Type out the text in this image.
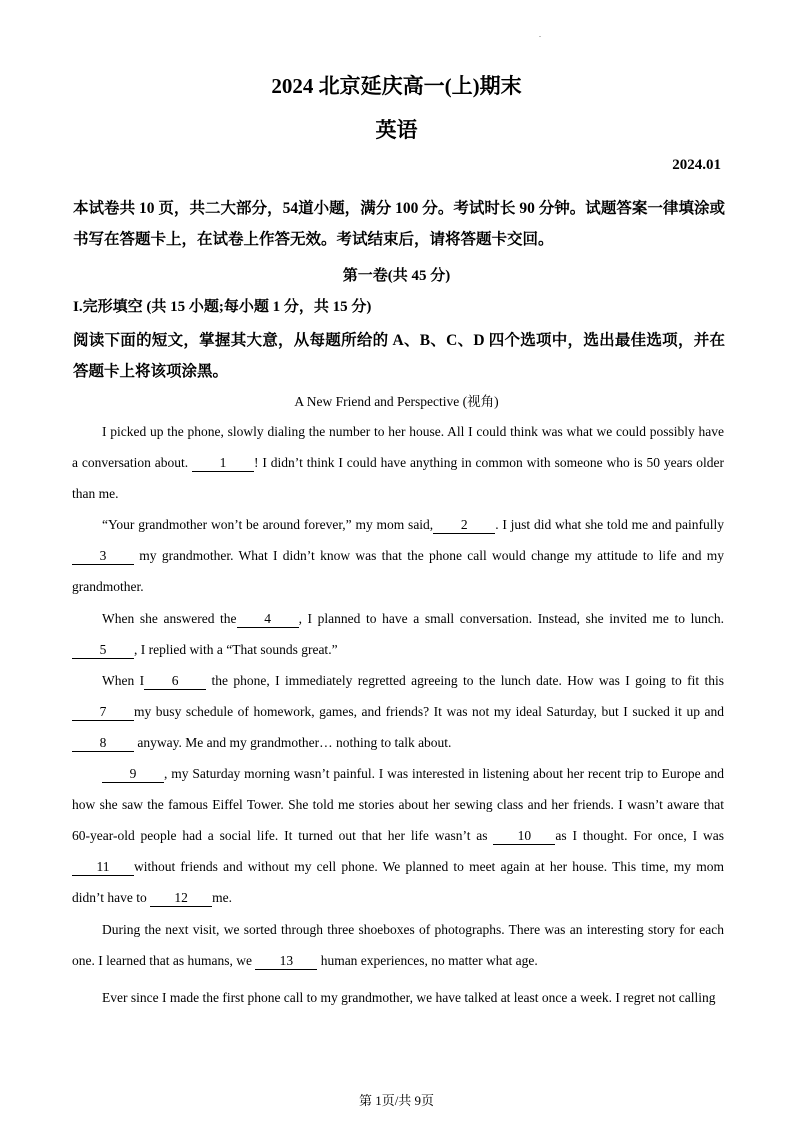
.
2024 北京延庆高一(上)期末
英语
2024.01
本试卷共 10 页，共二大部分，54道小题，满分 100 分。考试时长 90 分钟。试题答案一律填涂或书写在答题卡上，在试卷上作答无效。考试结束后，请将答题卡交回。
第一卷(共 45 分)
I.完形填空 (共 15 小题;每小题 1 分，共 15 分)
阅读下面的短文，掌握其大意，从每题所给的 A、B、C、D 四个选项中，选出最佳选项，并在答题卡上将该项涂黑。
A New Friend and Perspective (视角)

I picked up the phone, slowly dialing the number to her house. All I could think was what we could possibly have a conversation about. 1 ! I didn’t think I could have anything in common with someone who is 50 years older than me.

“Your grandmother won’t be around forever,” my mom said, 2 . I just did what she told me and painfully 3 my grandmother. What I didn’t know was that the phone call would change my attitude to life and my grandmother.

When she answered the 4 , I planned to have a small conversation. Instead, she invited me to lunch. 5 , I replied with a “That sounds great.”

When I 6 the phone, I immediately regretted agreeing to the lunch date. How was I going to fit this 7 my busy schedule of homework, games, and friends? It was not my ideal Saturday, but I sucked it up and 8 anyway. Me and my grandmother… nothing to talk about.

9 , my Saturday morning wasn’t painful. I was interested in listening about her recent trip to Europe and how she saw the famous Eiffel Tower. She told me stories about her sewing class and her friends. I wasn’t aware that 60-year-old people had a social life. It turned out that her life wasn’t as 10 as I thought. For once, I was 11 without friends and without my cell phone. We planned to meet again at her house. This time, my mom didn’t have to 12 me.

During the next visit, we sorted through three shoeboxes of photographs. There was an interesting story for each one. I learned that as humans, we 13 human experiences, no matter what age.

Ever since I made the first phone call to my grandmother, we have talked at least once a week. I regret not calling

第 1页/共 9页
